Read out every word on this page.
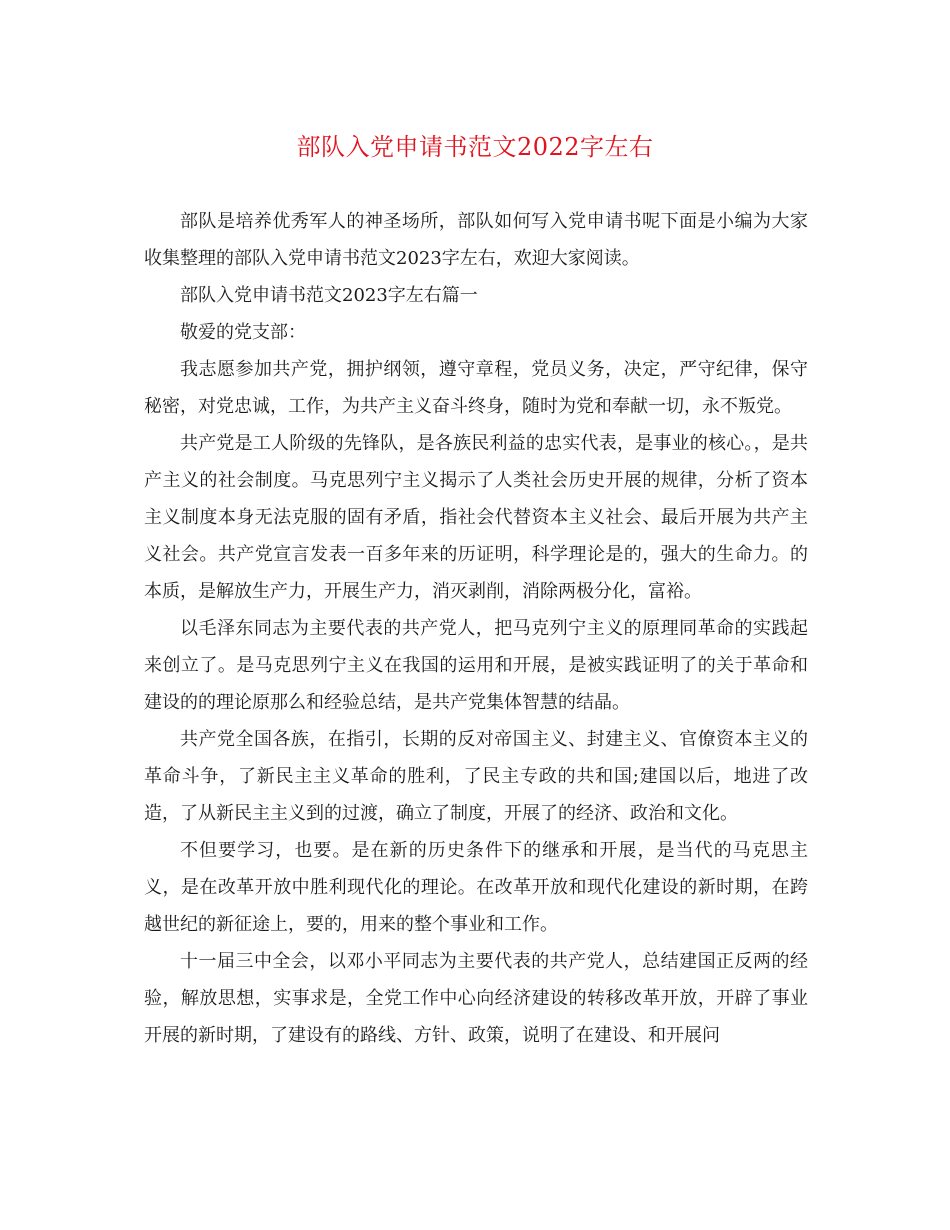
部队入党申请书范文2022字左右

部队是培养优秀军人的神圣场所，部队如何写入党申请书呢下面是小编为大家收集整理的部队入党申请书范文2023字左右，欢迎大家阅读。

部队入党申请书范文2023字左右篇一

敬爱的党支部：

我志愿参加共产党，拥护纲领，遵守章程，党员义务，决定，严守纪律，保守秘密，对党忠诚，工作，为共产主义奋斗终身，随时为党和奉献一切，永不叛党。

共产党是工人阶级的先锋队，是各族民利益的忠实代表，是事业的核心。，是共产主义的社会制度。马克思列宁主义揭示了人类社会历史开展的规律，分析了资本主义制度本身无法克服的固有矛盾，指社会代替资本主义社会、最后开展为共产主义社会。共产党宣言发表一百多年来的历证明，科学理论是的，强大的生命力。的本质，是解放生产力，开展生产力，消灭剥削，消除两极分化，富裕。

以毛泽东同志为主要代表的共产党人，把马克列宁主义的原理同革命的实践起来创立了。是马克思列宁主义在我国的运用和开展，是被实践证明了的关于革命和建设的的理论原那么和经验总结，是共产党集体智慧的结晶。

共产党全国各族，在指引，长期的反对帝国主义、封建主义、官僚资本主义的革命斗争，了新民主主义革命的胜利，了民主专政的共和国;建国以后，地进了改造，了从新民主主义到的过渡，确立了制度，开展了的经济、政治和文化。

不但要学习，也要。是在新的历史条件下的继承和开展，是当代的马克思主义，是在改革开放中胜利现代化的理论。在改革开放和现代化建设的新时期，在跨越世纪的新征途上，要的，用来的整个事业和工作。

十一届三中全会，以邓小平同志为主要代表的共产党人，总结建国正反两的经验，解放思想，实事求是，全党工作中心向经济建设的转移改革开放，开辟了事业开展的新时期，了建设有的路线、方针、政策，说明了在建设、和开展问
